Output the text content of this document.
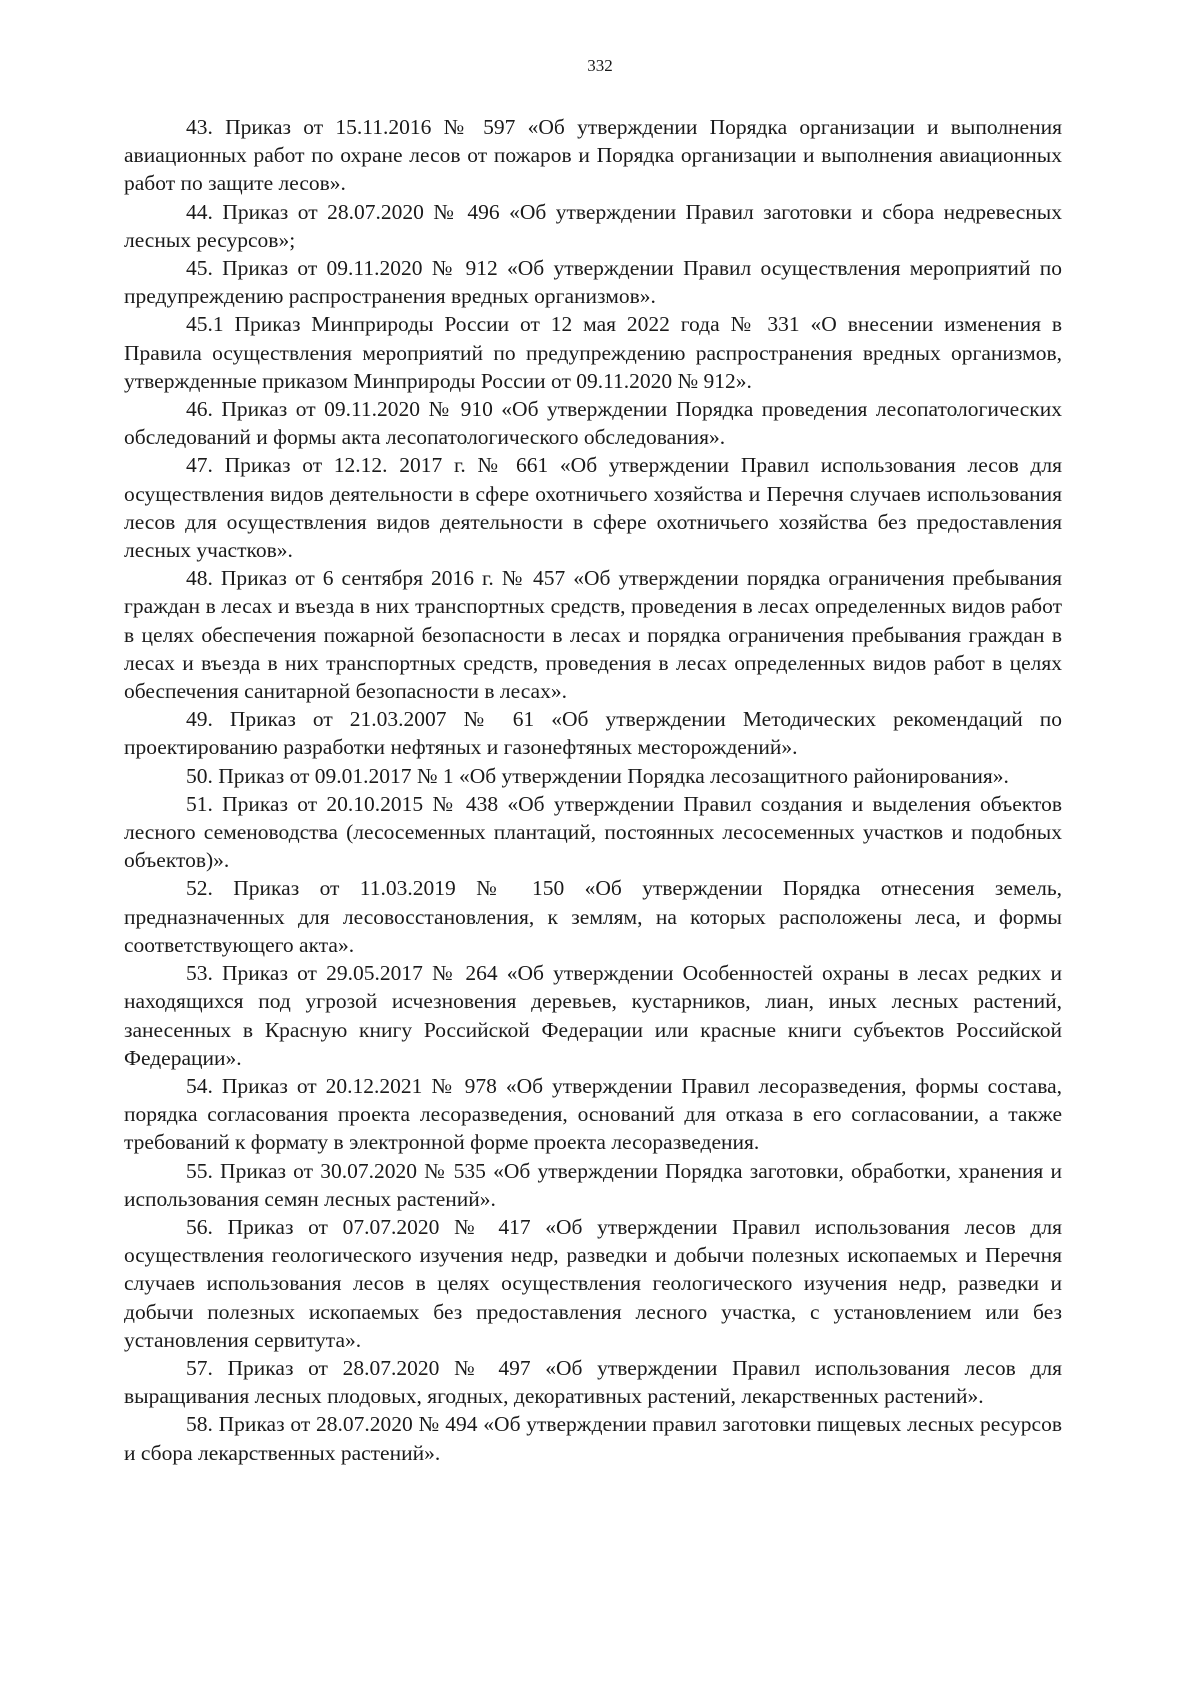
332

43. Приказ от 15.11.2016 № 597 «Об утверждении Порядка организации и выполнения авиационных работ по охране лесов от пожаров и Порядка организации и выполнения авиационных работ по защите лесов».

44. Приказ от 28.07.2020 № 496 «Об утверждении Правил заготовки и сбора недревесных лесных ресурсов»;

45. Приказ от 09.11.2020 № 912 «Об утверждении Правил осуществления мероприятий по предупреждению распространения вредных организмов».

45.1 Приказ Минприроды России от 12 мая 2022 года № 331 «О внесении изменения в Правила осуществления мероприятий по предупреждению распространения вредных организмов, утвержденные приказом Минприроды России от 09.11.2020 № 912».

46. Приказ от 09.11.2020 № 910 «Об утверждении Порядка проведения лесопатологических обследований и формы акта лесопатологического обследования».

47. Приказ от 12.12. 2017 г. № 661 «Об утверждении Правил использования лесов для осуществления видов деятельности в сфере охотничьего хозяйства и Перечня случаев использования лесов для осуществления видов деятельности в сфере охотничьего хозяйства без предоставления лесных участков».

48. Приказ от 6 сентября 2016 г. № 457 «Об утверждении порядка ограничения пребывания граждан в лесах и въезда в них транспортных средств, проведения в лесах определенных видов работ в целях обеспечения пожарной безопасности в лесах и порядка ограничения пребывания граждан в лесах и въезда в них транспортных средств, проведения в лесах определенных видов работ в целях обеспечения санитарной безопасности в лесах».

49. Приказ от 21.03.2007 № 61 «Об утверждении Методических рекомендаций по проектированию разработки нефтяных и газонефтяных месторождений».

50. Приказ от 09.01.2017 № 1 «Об утверждении Порядка лесозащитного районирования».

51. Приказ от 20.10.2015 № 438 «Об утверждении Правил создания и выделения объектов лесного семеноводства (лесосеменных плантаций, постоянных лесосеменных участков и подобных объектов)».

52. Приказ от 11.03.2019 № 150 «Об утверждении Порядка отнесения земель, предназначенных для лесовосстановления, к землям, на которых расположены леса, и формы соответствующего акта».

53. Приказ от 29.05.2017 № 264 «Об утверждении Особенностей охраны в лесах редких и находящихся под угрозой исчезновения деревьев, кустарников, лиан, иных лесных растений, занесенных в Красную книгу Российской Федерации или красные книги субъектов Российской Федерации».

54. Приказ от 20.12.2021 № 978 «Об утверждении Правил лесоразведения, формы состава, порядка согласования проекта лесоразведения, оснований для отказа в его согласовании, а также требований к формату в электронной форме проекта лесоразведения.

55. Приказ от 30.07.2020 № 535 «Об утверждении Порядка заготовки, обработки, хранения и использования семян лесных растений».

56. Приказ от 07.07.2020 № 417 «Об утверждении Правил использования лесов для осуществления геологического изучения недр, разведки и добычи полезных ископаемых и Перечня случаев использования лесов в целях осуществления геологического изучения недр, разведки и добычи полезных ископаемых без предоставления лесного участка, с установлением или без установления сервитута».

57. Приказ от 28.07.2020 № 497 «Об утверждении Правил использования лесов для выращивания лесных плодовых, ягодных, декоративных растений, лекарственных растений».

58. Приказ от 28.07.2020 № 494 «Об утверждении правил заготовки пищевых лесных ресурсов и сбора лекарственных растений».
